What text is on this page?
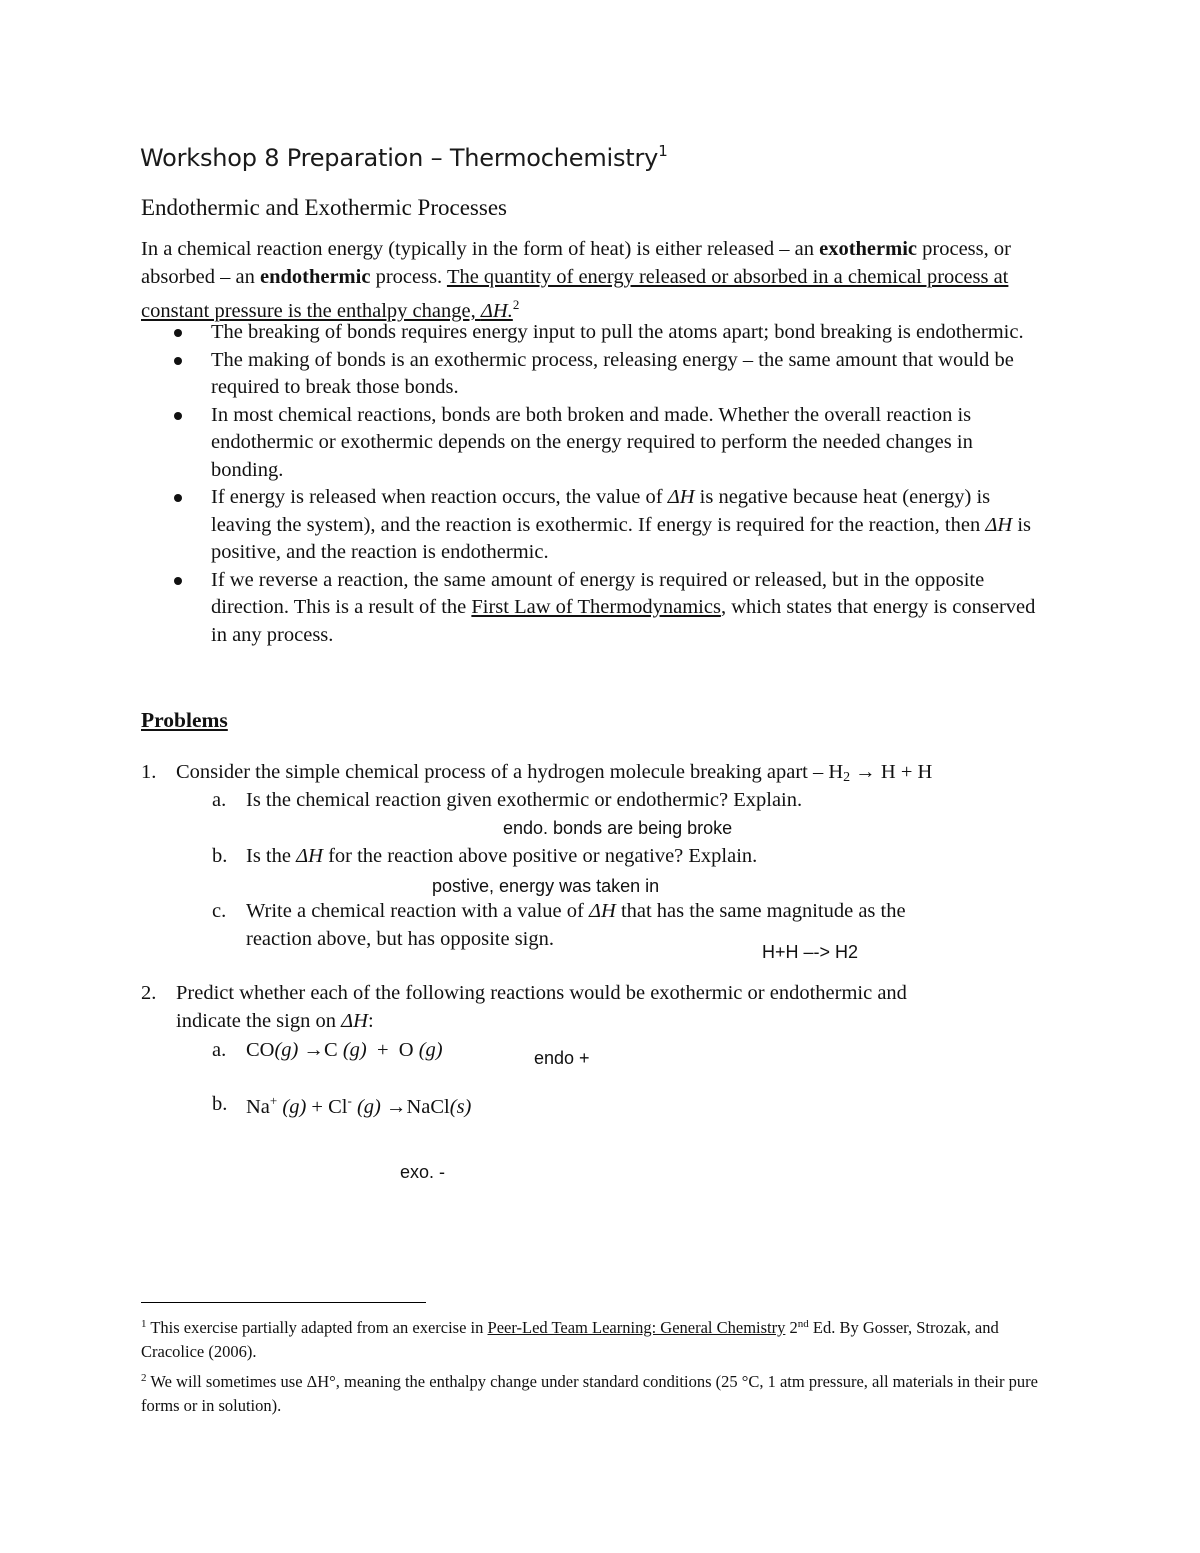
Workshop 8 Preparation – Thermochemistry$^1$
Endothermic and Exothermic Processes
In a chemical reaction energy (typically in the form of heat) is either released – an exothermic process, or absorbed – an endothermic process. The quantity of energy released or absorbed in a chemical process at constant pressure is the enthalpy change, ΔH.$^2$
The breaking of bonds requires energy input to pull the atoms apart; bond breaking is endothermic.
The making of bonds is an exothermic process, releasing energy – the same amount that would be required to break those bonds.
In most chemical reactions, bonds are both broken and made. Whether the overall reaction is endothermic or exothermic depends on the energy required to perform the needed changes in bonding.
If energy is released when reaction occurs, the value of ΔH is negative because heat (energy) is leaving the system), and the reaction is exothermic. If energy is required for the reaction, then ΔH is positive, and the reaction is endothermic.
If we reverse a reaction, the same amount of energy is required or released, but in the opposite direction. This is a result of the First Law of Thermodynamics, which states that energy is conserved in any process.
Problems
1. Consider the simple chemical process of a hydrogen molecule breaking apart – H2 → H + H
a. Is the chemical reaction given exothermic or endothermic? Explain.
endo. bonds are being broke
b. Is the ΔH for the reaction above positive or negative? Explain.
postive, energy was taken in
c. Write a chemical reaction with a value of ΔH that has the same magnitude as the
reaction above, but has opposite sign.
H+H –-> H2
2. Predict whether each of the following reactions would be exothermic or endothermic and
indicate the sign on ΔH:
a. CO(g) →C (g)  +  O (g)	endo +
b. Na+ (g) + Cl- (g) →NaCl(s)
exo. -
$^1$ This exercise partially adapted from an exercise in Peer-Led Team Learning: General Chemistry 2nd Ed. By Gosser, Strozak, and Cracolice (2006).
$^2$ We will sometimes use ΔH°, meaning the enthalpy change under standard conditions (25 °C, 1 atm pressure, all materials in their pure forms or in solution).
